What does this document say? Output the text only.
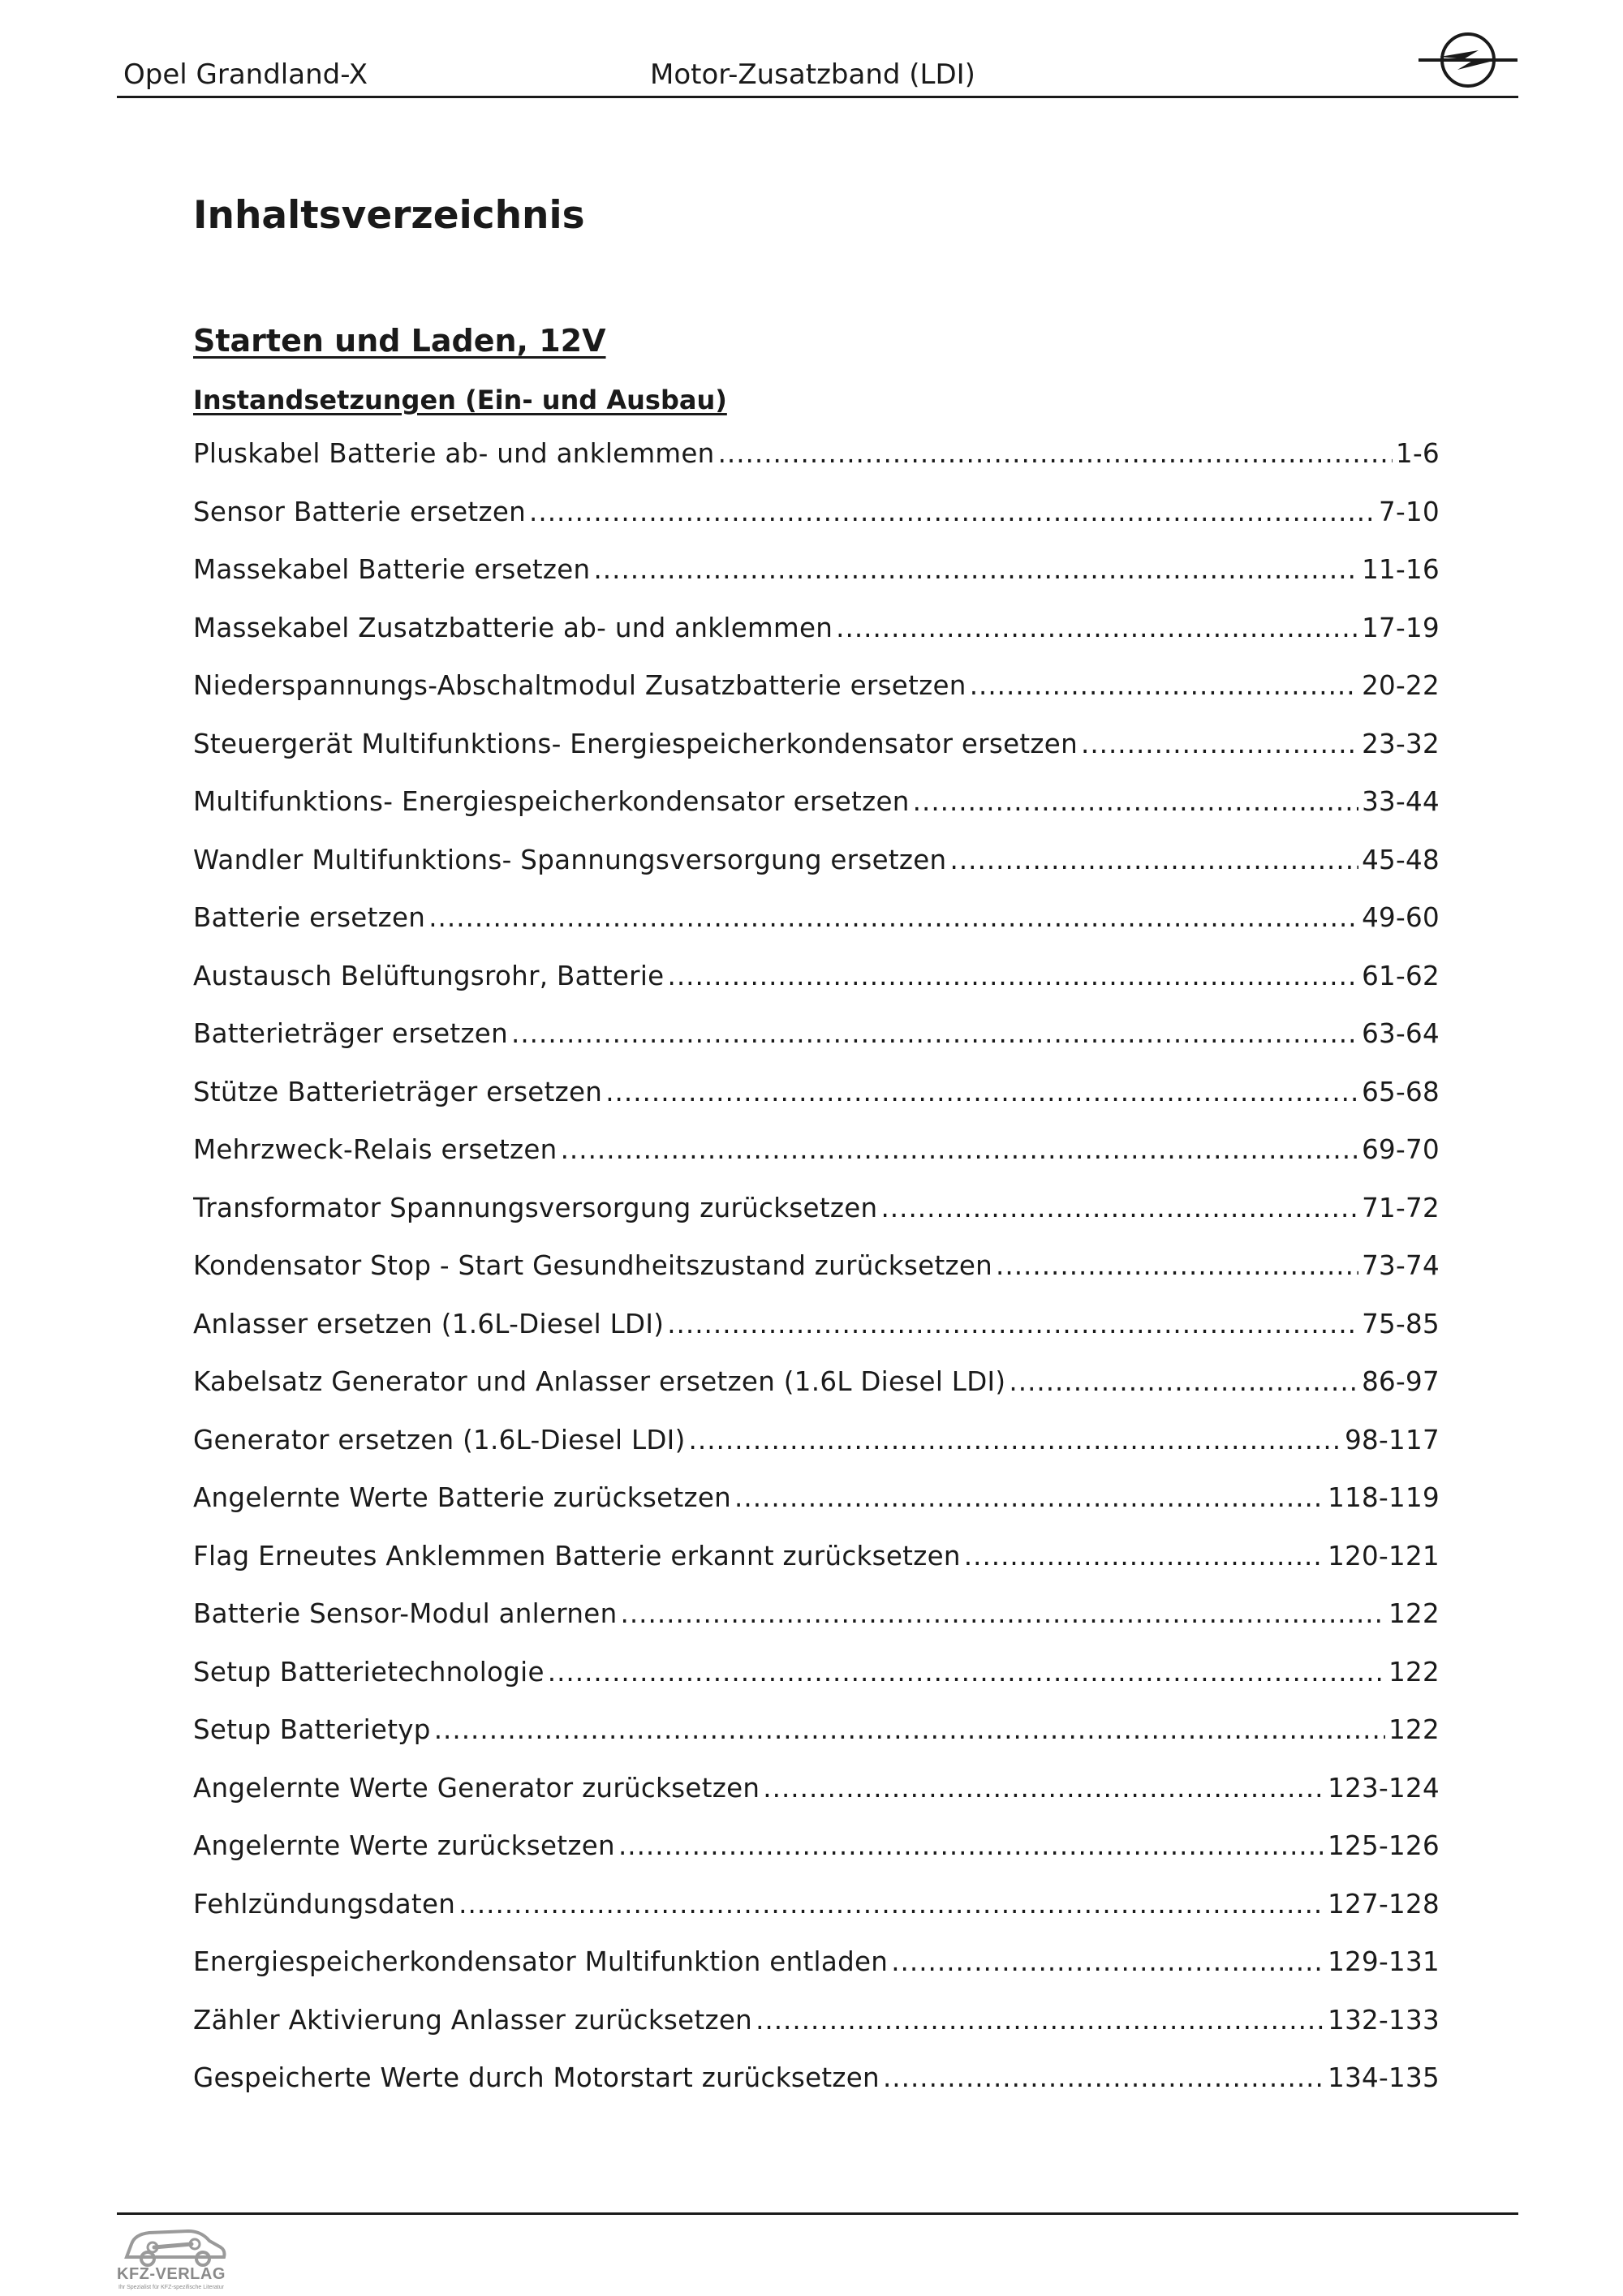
Opel Grandland-X	Motor-Zusatzband (LDI)
Inhaltsverzeichnis
Starten und Laden, 12V
Instandsetzungen (Ein- und Ausbau)
Pluskabel Batterie ab- und anklemmen .....	1-6
Sensor Batterie ersetzen .....	7-10
Massekabel Batterie ersetzen .....	11-16
Massekabel Zusatzbatterie ab- und anklemmen .....	17-19
Niederspannungs-Abschaltmodul Zusatzbatterie ersetzen .....	20-22
Steuergerät Multifunktions- Energiespeicherkondensator ersetzen .....	23-32
Multifunktions- Energiespeicherkondensator ersetzen .....	33-44
Wandler Multifunktions- Spannungsversorgung ersetzen .....	45-48
Batterie ersetzen .....	49-60
Austausch Belüftungsrohr, Batterie .....	61-62
Batterieträger ersetzen .....	63-64
Stütze Batterieträger ersetzen .....	65-68
Mehrzweck-Relais ersetzen .....	69-70
Transformator Spannungsversorgung zurücksetzen .....	71-72
Kondensator Stop - Start Gesundheitszustand zurücksetzen .....	73-74
Anlasser ersetzen (1.6L-Diesel LDI) .....	75-85
Kabelsatz Generator und Anlasser ersetzen (1.6L Diesel LDI) .....	86-97
Generator ersetzen (1.6L-Diesel LDI) .....	98-117
Angelernte Werte Batterie zurücksetzen .....	118-119
Flag Erneutes Anklemmen Batterie erkannt zurücksetzen .....	120-121
Batterie Sensor-Modul anlernen .....	122
Setup Batterietechnologie .....	122
Setup Batterietyp .....	122
Angelernte Werte Generator zurücksetzen .....	123-124
Angelernte Werte zurücksetzen .....	125-126
Fehlzündungsdaten .....	127-128
Energiespeicherkondensator Multifunktion entladen .....	129-131
Zähler Aktivierung Anlasser zurücksetzen .....	132-133
Gespeicherte Werte durch Motorstart zurücksetzen .....	134-135
KFZ-VERLAG
Ihr Spezialist für KFZ-spezifische Literatur
